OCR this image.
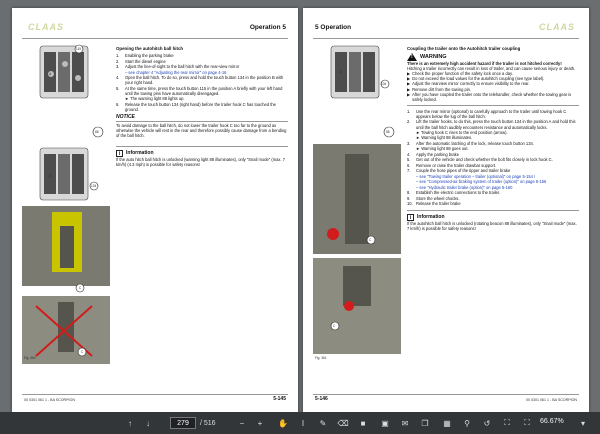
CLAAS	Operation 5
115
A
88
B
134
C
C
Fig. 360
Opening the autohitch ball hitch
1.	Enabling the parking brake
2.	Start the diesel engine
3.	Adjust the line-of-sight to the ball hitch with the rear-view mirror
– see chapter 4 "Adjusting the rear mirror" on page 4-16
4.	Open the ball hitch. To do so, press and hold the touch button 134 in the position B with your right hand.
5.	At the same time, press the touch button 115 in the position A briefly with your left hand until the towing pins have automatically disengaged.
► The warning light 88 lights up.
6.	Release the touch button 134 (right hand) before the trailer hook C has touched the ground.
NOTICE
To avoid damage to the ball hitch, do not lower the trailer hook C too far to the ground as otherwise the vehicle will rest in the rear and therefore possibly cause damage from a bending of the ball hitch.
i	Information
If the auto hitch ball hitch is unlocked (warning light 88 illuminates), only "Snail mode" (max. 7 km/h) (4.3 mph) is possible for safety reasons!
00 0301 061 1 - BA SCORPION	5-145
5 Operation	CLAAS
A
134
88
C
C
Fig. 361
Coupling the trailer onto the Autohitch trailer coupling
! WARNING
There is an extremely high accident hazard if the trailer is not hitched correctly!
Hitching a trailer incorrectly can result in loss of trailer, and can cause serious injury or death.
▶ Check the proper function of the safety lock once a day.
▶ Do not exceed the load values for the autohitch coupling (see type label).
▶ Adjust the rearview mirror correctly to ensure visibility to the rear.
▶ Remove dirt from the towing pin.
▶ After you have coupled the trailer onto the telehandler, check whether the towing gear is safely locked.
1.	Use the rear mirror (optional) to carefully approach to the trailer until towing hook C appears below the lug of the ball hitch.
2.	Lift the trailer hooks, to do this, press the touch button 134 in the position A and hold this until the ball hitch audibly encounters resistance and automatically locks.
► Towing hook C rises to the end position (arrow).
► Warning light 88 illuminates.
3.	After the automatic latching of the lock, release touch button 134.
► Warning light 88 goes out.
4.	Apply the parking brake
5.	Get out of the vehicle and check whether the bolt fits closely in lock hook C.
6.	Remove or raise the trailer drawbar support.
7.	Couple the hose pipes of the tipper and trailer brake
– see "Towing trailer operation – trailer (optional)" on page 5-154 /
– see "Compressed-air braking system of trailer (option)" on page 5-156
– see "Hydraulic trailer brake (option)" on page 5-160
8.	Establish the electric connections to the trailer.
9.	Store the wheel chocks.
10. Release the trailer brake
i	Information
If the autohitch ball hitch is unlocked (rotating beacon 88 illuminates), only "Snail mode" (max. 7 km/h) is possible for safety reasons!
5-146	00 0301 061 1 - BA SCORPION
↑	↓	279	/ 516	−	+	✋	I	✎	⌫	■	▣	✉	❐	▦	⚲	↺	⛶	⛶	66.67%	▾
